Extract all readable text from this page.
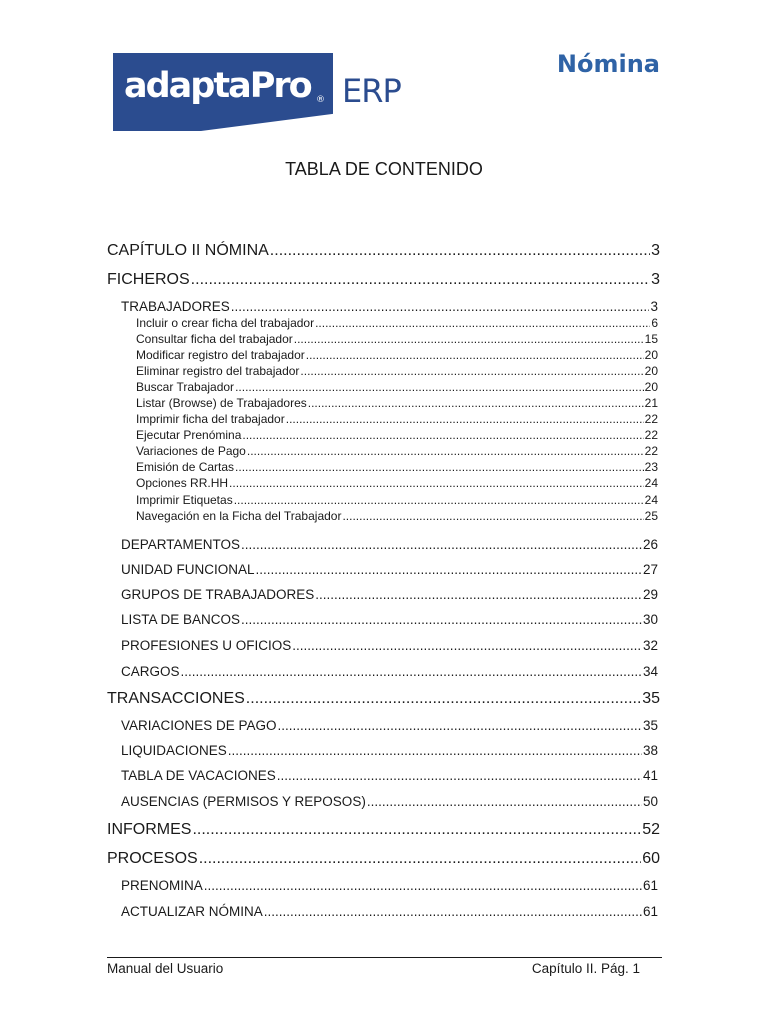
adaptaPro ® ERP
Nómina
TABLA DE CONTENIDO
CAPÍTULO II NÓMINA .....	3
FICHEROS .....	3
TRABAJADORES .....	3
Incluir o crear ficha del trabajador .....	6
Consultar ficha del trabajador .....	15
Modificar registro del trabajador .....	20
Eliminar registro del trabajador .....	20
Buscar Trabajador .....	20
Listar (Browse) de Trabajadores .....	21
Imprimir ficha del trabajador .....	22
Ejecutar Prenómina .....	22
Variaciones de Pago .....	22
Emisión de Cartas .....	23
Opciones RR.HH .....	24
Imprimir Etiquetas .....	24
Navegación en la Ficha del Trabajador .....	25
DEPARTAMENTOS .....	26
UNIDAD FUNCIONAL .....	27
GRUPOS DE TRABAJADORES .....	29
LISTA DE BANCOS .....	30
PROFESIONES U OFICIOS .....	32
CARGOS .....	34
TRANSACCIONES .....	35
VARIACIONES DE PAGO .....	35
LIQUIDACIONES .....	38
TABLA DE VACACIONES .....	41
AUSENCIAS (PERMISOS Y REPOSOS) .....	50
INFORMES .....	52
PROCESOS .....	60
PRENOMINA .....	61
ACTUALIZAR NÓMINA .....	61
Manual del Usuario	Capítulo II. Pág. 1
